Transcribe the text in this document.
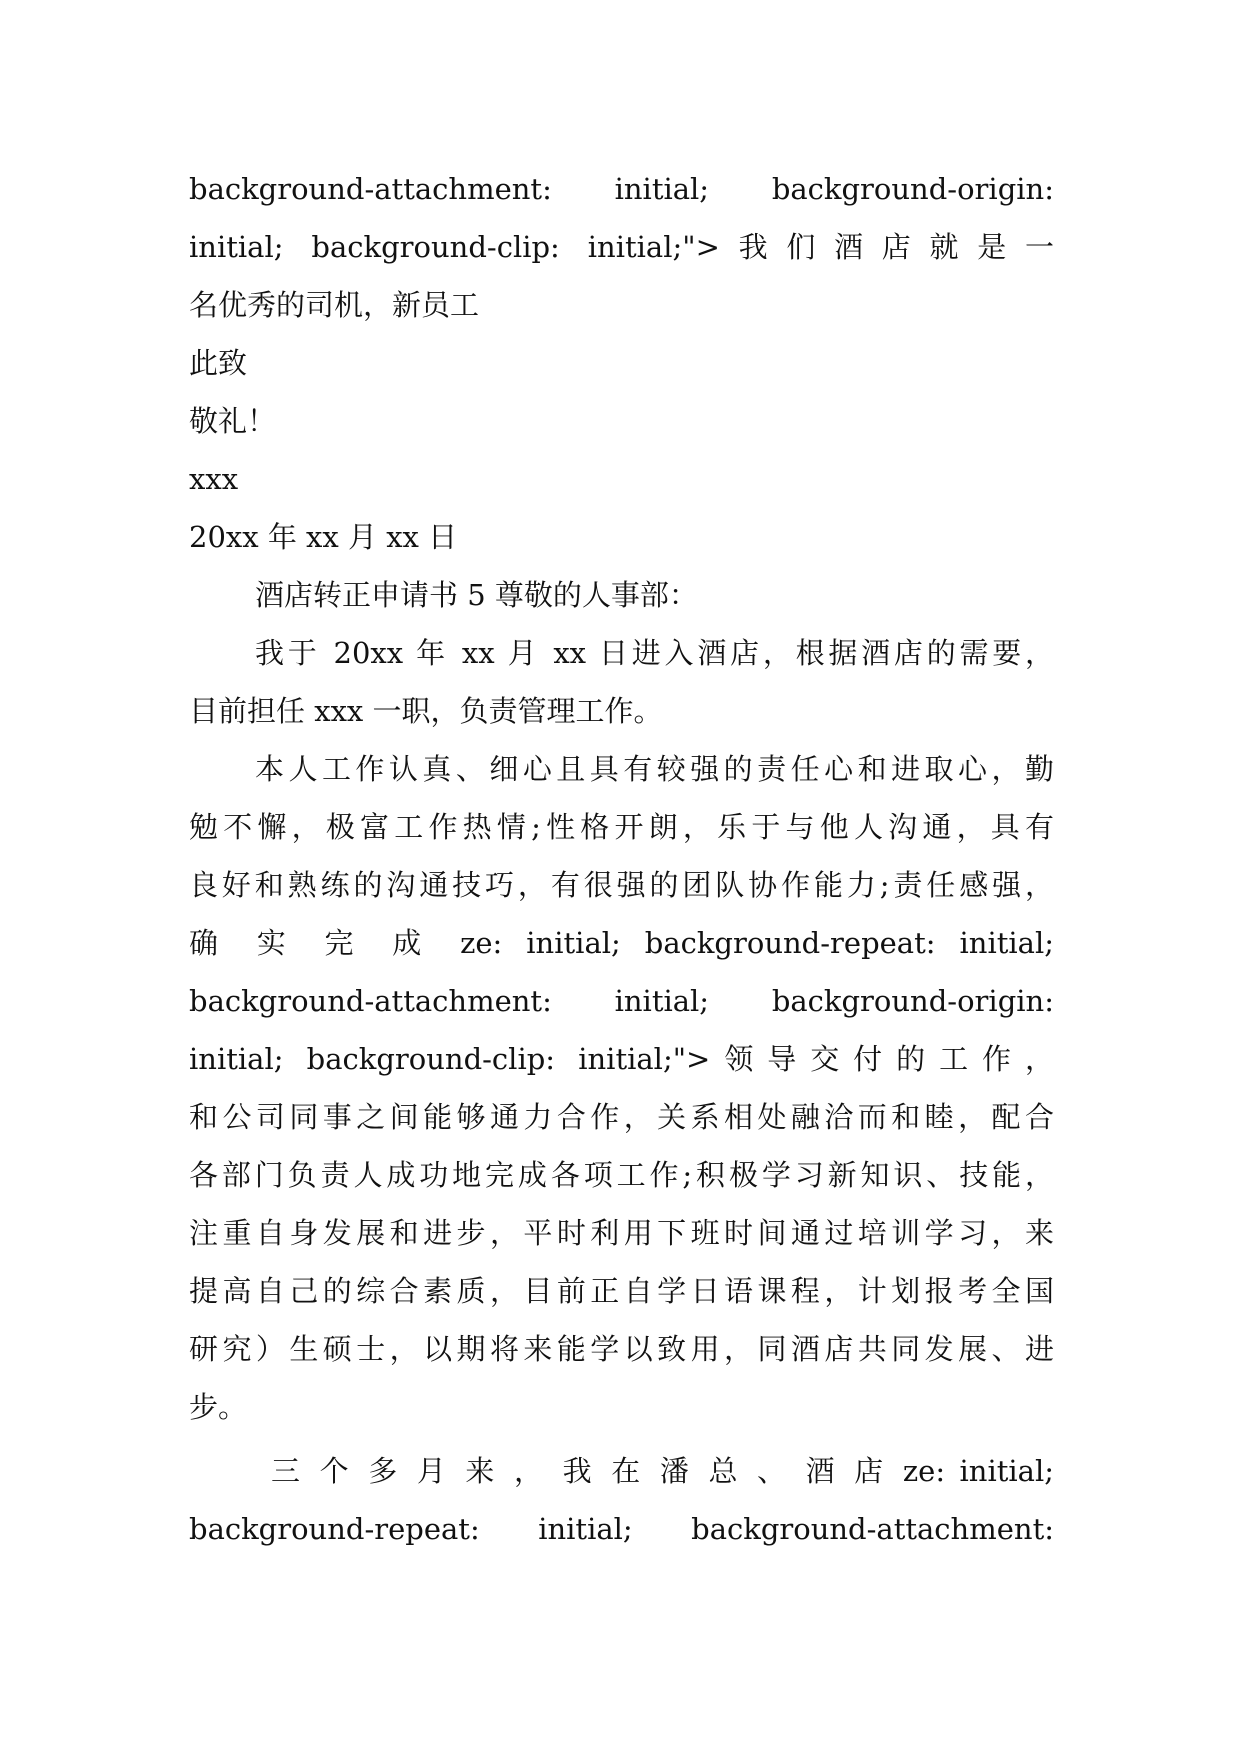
background-attachment: initial; background-origin:
initial; background-clip: initial;">我们酒店就是一
名优秀的司机，新员工
此致
敬礼！
xxx
20xx 年 xx 月 xx 日
酒店转正申请书 5 尊敬的人事部：
我于 20xx 年 xx 月 xx 日进入酒店，根据酒店的需要，
目前担任 xxx 一职，负责管理工作。
本人工作认真、细心且具有较强的责任心和进取心，勤
勉不懈，极富工作热情;性格开朗，乐于与他人沟通，具有
良好和熟练的沟通技巧，有很强的团队协作能力;责任感强，
确 实 完 成 ze: initial; background-repeat: initial;
background-attachment: initial; background-origin:
initial; background-clip: initial;">领导交付的工作，
和公司同事之间能够通力合作，关系相处融洽而和睦，配合
各部门负责人成功地完成各项工作;积极学习新知识、技能，
注重自身发展和进步，平时利用下班时间通过培训学习，来
提高自己的综合素质，目前正自学日语课程，计划报考全国
研究）生硕士，以期将来能学以致用，同酒店共同发展、进
步。
三 个 多 月 来 ， 我 在 潘 总 、 酒 店 ze: initial;
background-repeat: initial; background-attachment:
